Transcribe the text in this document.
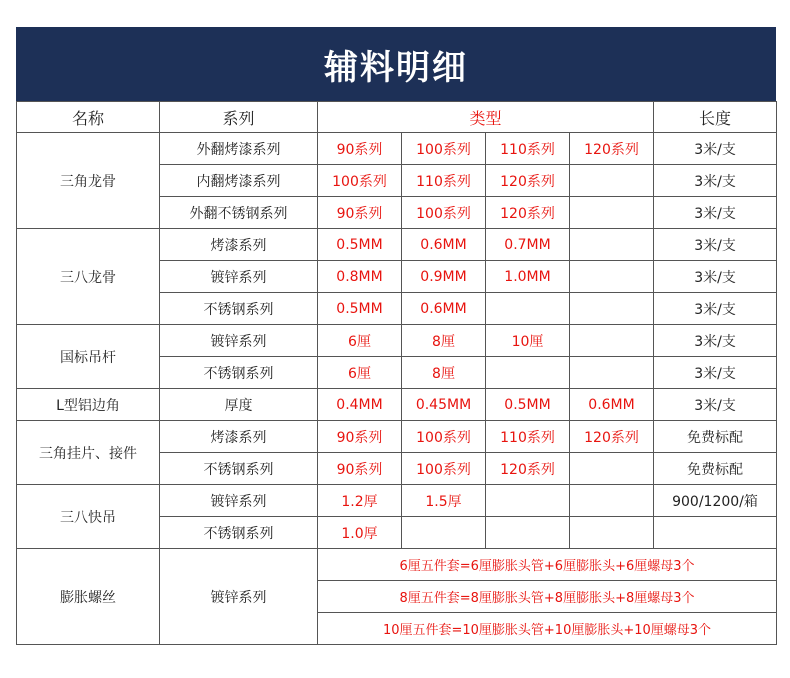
辅料明细
名称	系列	类型				长度
三角龙骨	外翻烤漆系列	90系列	100系列	110系列	120系列	3米/支
	内翻烤漆系列	100系列	110系列	120系列		3米/支
	外翻不锈钢系列	90系列	100系列	120系列		3米/支
三八龙骨	烤漆系列	0.5MM	0.6MM	0.7MM		3米/支
	镀锌系列	0.8MM	0.9MM	1.0MM		3米/支
	不锈钢系列	0.5MM	0.6MM			3米/支
国标吊杆	镀锌系列	6厘	8厘	10厘		3米/支
	不锈钢系列	6厘	8厘			3米/支
L型铝边角	厚度	0.4MM	0.45MM	0.5MM	0.6MM	3米/支
三角挂片、接件	烤漆系列	90系列	100系列	110系列	120系列	免费标配
	不锈钢系列	90系列	100系列	120系列		免费标配
三八快吊	镀锌系列	1.2厚	1.5厚			900/1200/箱
	不锈钢系列	1.0厚				
膨胀螺丝	镀锌系列	6厘五件套=6厘膨胀头管+6厘膨胀头+6厘螺母3个				
		8厘五件套=8厘膨胀头管+8厘膨胀头+8厘螺母3个				
		10厘五件套=10厘膨胀头管+10厘膨胀头+10厘螺母3个				
